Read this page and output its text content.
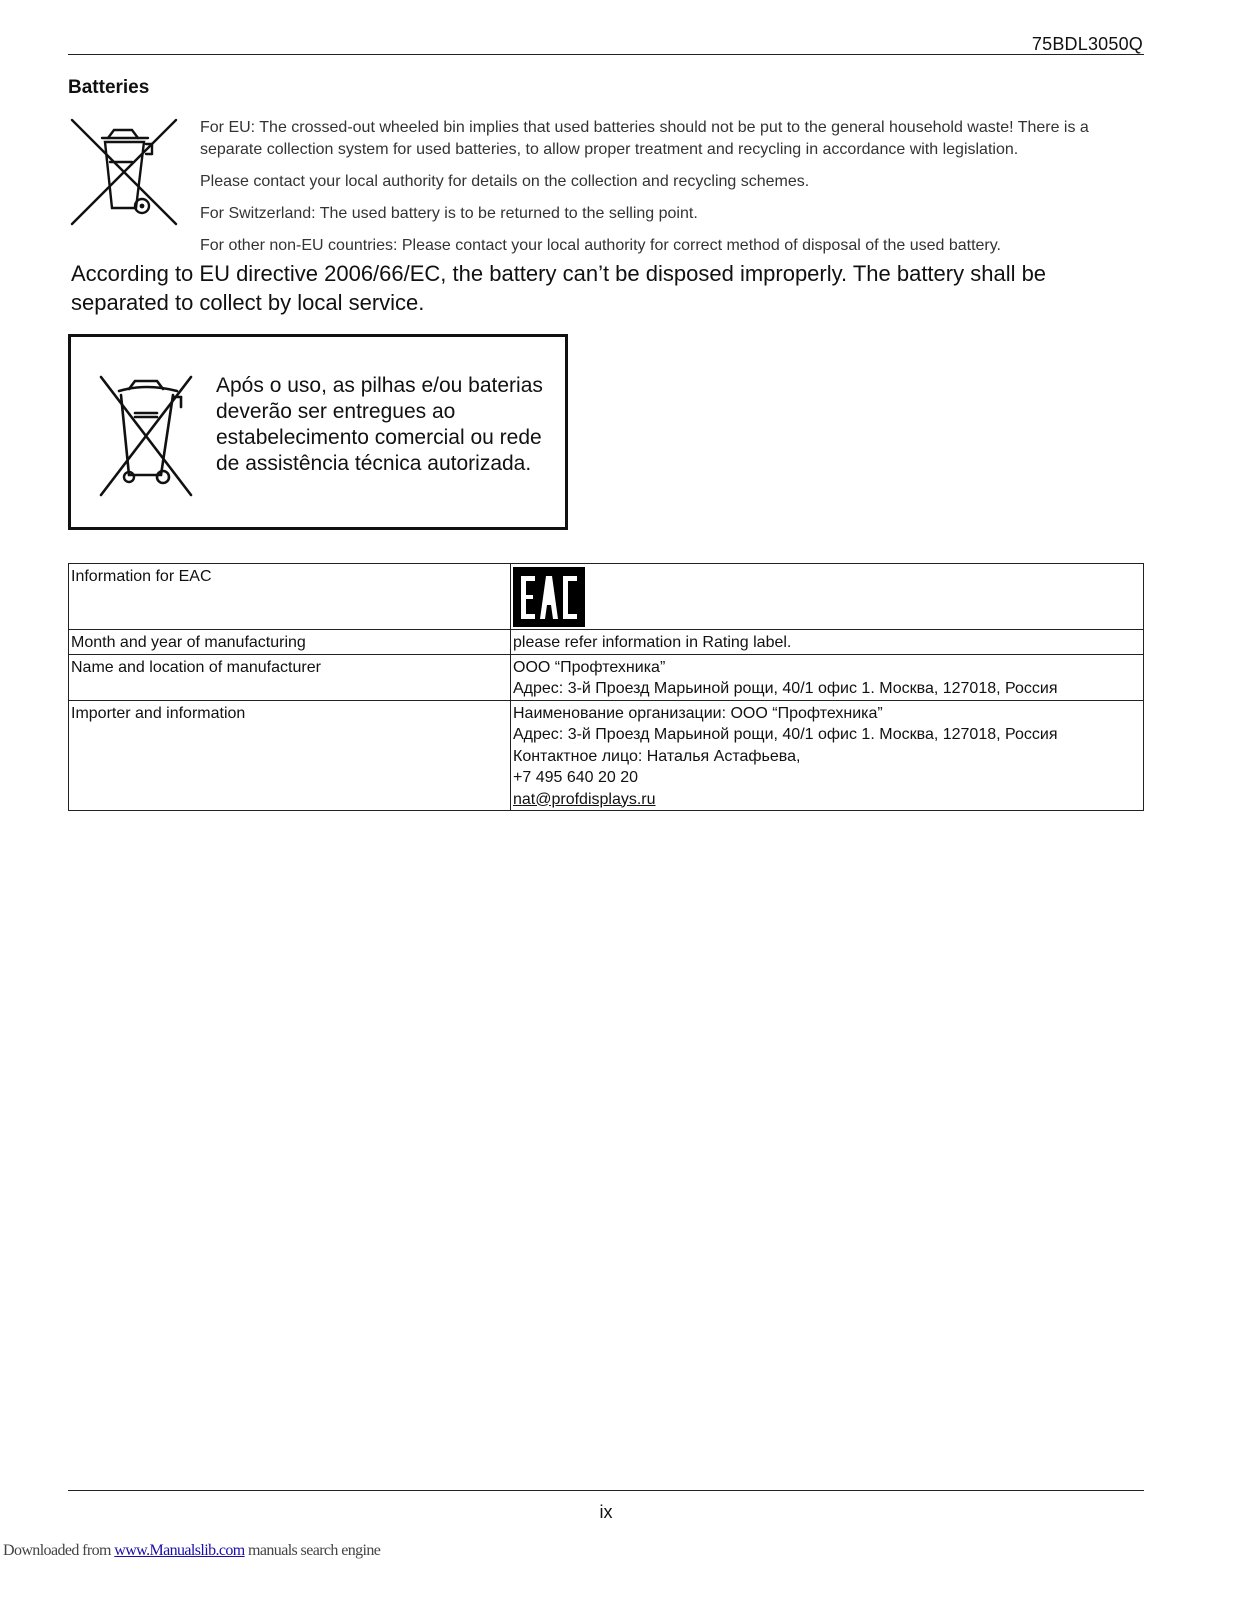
75BDL3050Q
Batteries
For EU: The crossed-out wheeled bin implies that used batteries should not be put to the general household waste! There is a separate collection system for used batteries, to allow proper treatment and recycling in accordance with legislation.
Please contact your local authority for details on the collection and recycling schemes.
For Switzerland: The used battery is to be returned to the selling point.
For other non-EU countries: Please contact your local authority for correct method of disposal of the used battery.
According to EU directive 2006/66/EC, the battery can’t be disposed improperly. The battery shall be separated to collect by local service.
Após o uso, as pilhas e/ou baterias deverão ser entregues ao estabelecimento comercial ou rede de assistência técnica autorizada.
Information for EAC	EAC

Month and year of manufacturing	please refer information in Rating label.

Name and location of manufacturer	ООО “Профтехника”
Адрес: 3-й Проезд Марьиной рощи, 40/1 офис 1. Москва, 127018, Россия

Importer and information	Наименование организации: ООО “Профтехника”
Адрес: 3-й Проезд Марьиной рощи, 40/1 офис 1. Москва, 127018, Россия
Контактное лицо: Наталья Астафьева,
+7 495 640 20 20
nat@profdisplays.ru
ix
Downloaded from www.Manualslib.com manuals search engine
